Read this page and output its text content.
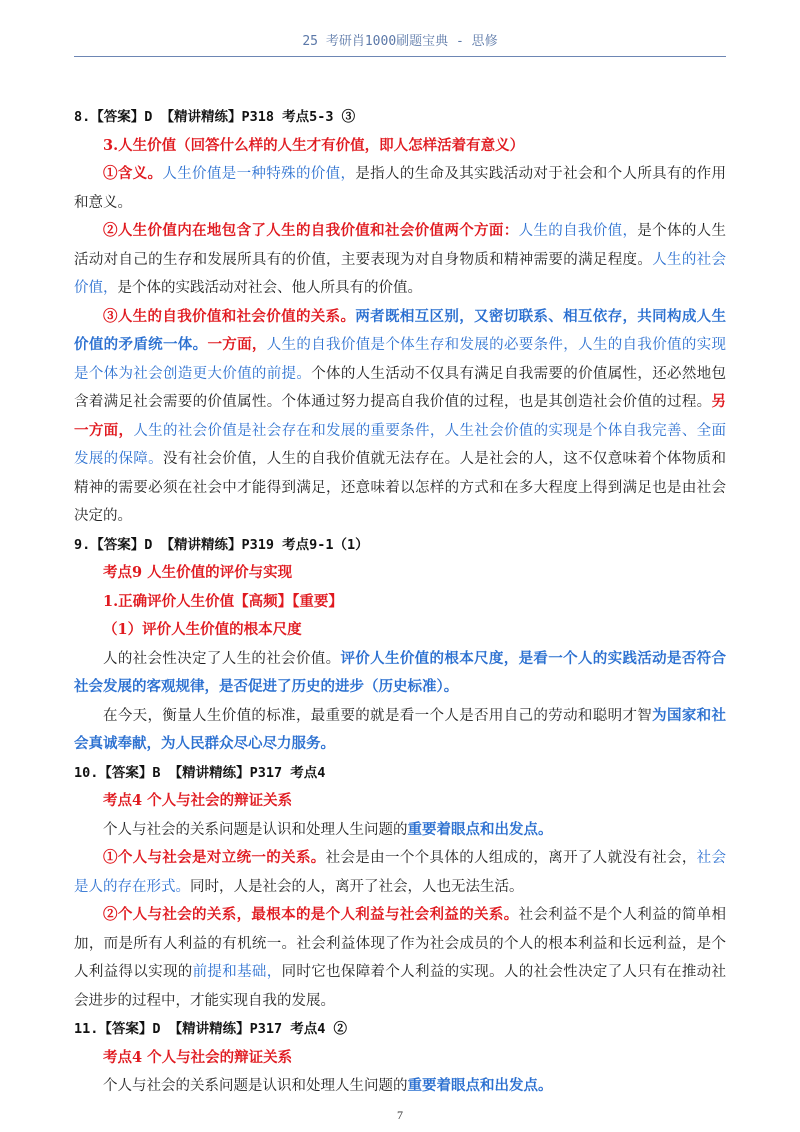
25 考研肖1000刷题宝典 - 思修
8.【答案】D 【精讲精练】P318 考点5-3 ③

3.人生价值（回答什么样的人生才有价值，即人怎样活着有意义）

①含义。人生价值是一种特殊的价值，是指人的生命及其实践活动对于社会和个人所具有的作用和意义。

②人生价值内在地包含了人生的自我价值和社会价值两个方面：人生的自我价值，是个体的人生活动对自己的生存和发展所具有的价值，主要表现为对自身物质和精神需要的满足程度。人生的社会价值，是个体的实践活动对社会、他人所具有的价值。

③人生的自我价值和社会价值的关系。两者既相互区别，又密切联系、相互依存，共同构成人生价值的矛盾统一体。一方面，人生的自我价值是个体生存和发展的必要条件，人生的自我价值的实现是个体为社会创造更大价值的前提。个体的人生活动不仅具有满足自我需要的价值属性，还必然地包含着满足社会需要的价值属性。个体通过努力提高自我价值的过程，也是其创造社会价值的过程。另一方面，人生的社会价值是社会存在和发展的重要条件，人生社会价值的实现是个体自我完善、全面发展的保障。没有社会价值，人生的自我价值就无法存在。人是社会的人，这不仅意味着个体物质和精神的需要必须在社会中才能得到满足，还意味着以怎样的方式和在多大程度上得到满足也是由社会决定的。

9.【答案】D 【精讲精练】P319 考点9-1（1）

考点9 人生价值的评价与实现

1.正确评价人生价值【高频】【重要】

（1）评价人生价值的根本尺度

人的社会性决定了人生的社会价值。评价人生价值的根本尺度，是看一个人的实践活动是否符合社会发展的客观规律，是否促进了历史的进步（历史标准）。

在今天，衡量人生价值的标准，最重要的就是看一个人是否用自己的劳动和聪明才智为国家和社会真诚奉献，为人民群众尽心尽力服务。

10.【答案】B 【精讲精练】P317 考点4

考点4 个人与社会的辩证关系

个人与社会的关系问题是认识和处理人生问题的重要着眼点和出发点。

①个人与社会是对立统一的关系。社会是由一个个具体的人组成的，离开了人就没有社会，社会是人的存在形式。同时，人是社会的人，离开了社会，人也无法生活。

②个人与社会的关系，最根本的是个人利益与社会利益的关系。社会利益不是个人利益的简单相加，而是所有人利益的有机统一。社会利益体现了作为社会成员的个人的根本利益和长远利益，是个人利益得以实现的前提和基础，同时它也保障着个人利益的实现。人的社会性决定了人只有在推动社会进步的过程中，才能实现自我的发展。

11.【答案】D 【精讲精练】P317 考点4 ②

考点4 个人与社会的辩证关系

个人与社会的关系问题是认识和处理人生问题的重要着眼点和出发点。

7
